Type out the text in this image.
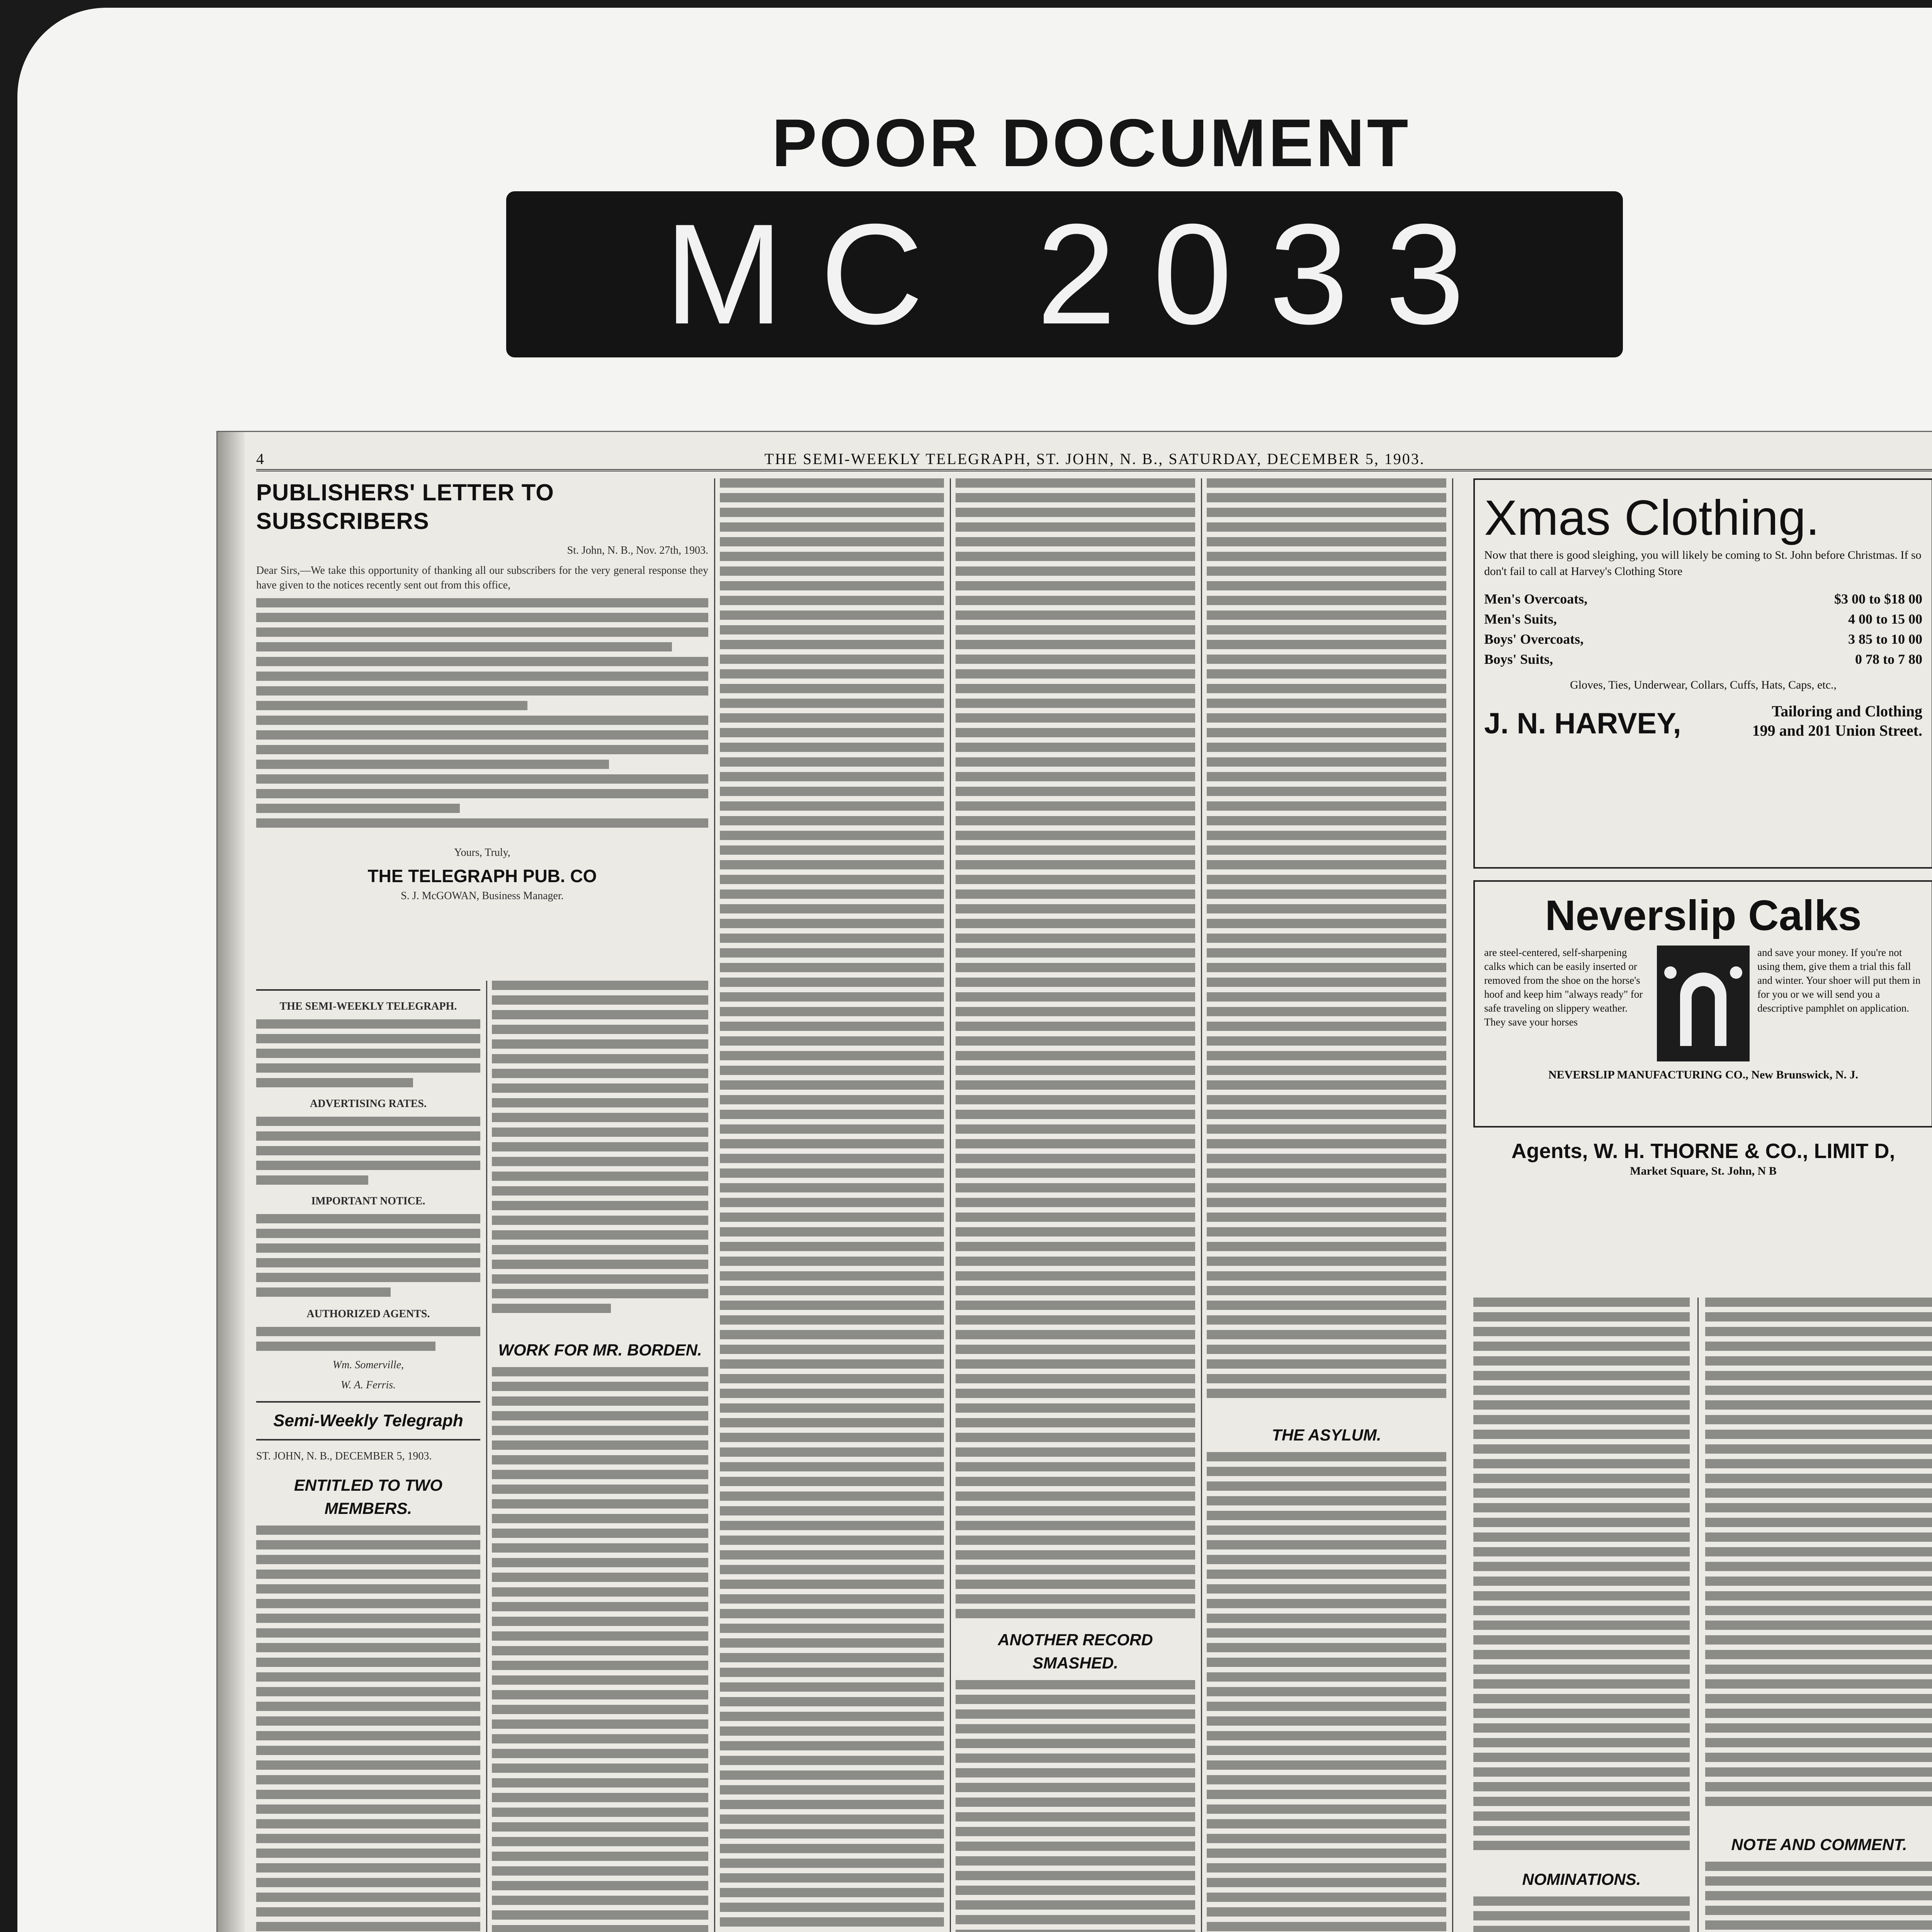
POOR DOCUMENT
MC 2033
4	THE SEMI-WEEKLY TELEGRAPH, ST. JOHN, N. B., SATURDAY, DECEMBER 5, 1903.
PUBLISHERS' LETTER TO SUBSCRIBERS
St. John, N. B., Nov. 27th, 1903.
Dear Sirs,—We take this opportunity of thanking all our subscribers for the very general response they have given to the notices recently sent out from this office,
Yours, Truly,
THE TELEGRAPH PUB. CO
S. J. McGOWAN, Business Manager.
THE SEMI-WEEKLY TELEGRAPH.
ADVERTISING RATES.
IMPORTANT NOTICE.
AUTHORIZED AGENTS.
Wm. Somerville,
W. A. Ferris.
Semi-Weekly Telegraph
ST. JOHN, N. B., DECEMBER 5, 1903.
ENTITLED TO TWO MEMBERS.
WORK FOR MR. BORDEN.
ANOTHER RECORD SMASHED.
THE ASYLUM.
Xmas Clothing.
Now that there is good sleighing, you will likely be coming to St. John before Christmas. If so don't fail to call at Harvey's Clothing Store
Men's Overcoats,	$3 00 to $18 00
Men's Suits,	4 00 to 15 00
Boys' Overcoats,	3 85 to 10 00
Boys' Suits,	0 78 to 7 80
Gloves, Ties, Underwear, Collars, Cuffs, Hats, Caps, etc.,
J. N. HARVEY,	Tailoring and Clothing
199 and 201 Union Street.
Neverslip Calks
are steel-centered, self-sharpening calks which can be easily inserted or removed from the shoe on the horse's hoof and keep him "always ready" for safe traveling on slippery weather. They save your horses
and save your money. If you're not using them, give them a trial this fall and winter. Your shoer will put them in for you or we will send you a descriptive pamphlet on application.
NEVERSLIP MANUFACTURING CO., New Brunswick, N. J.
Agents, W. H. THORNE & CO., LIMIT D,
Market Square, St. John, N B
NOMINATIONS.
NOTE AND COMMENT.
